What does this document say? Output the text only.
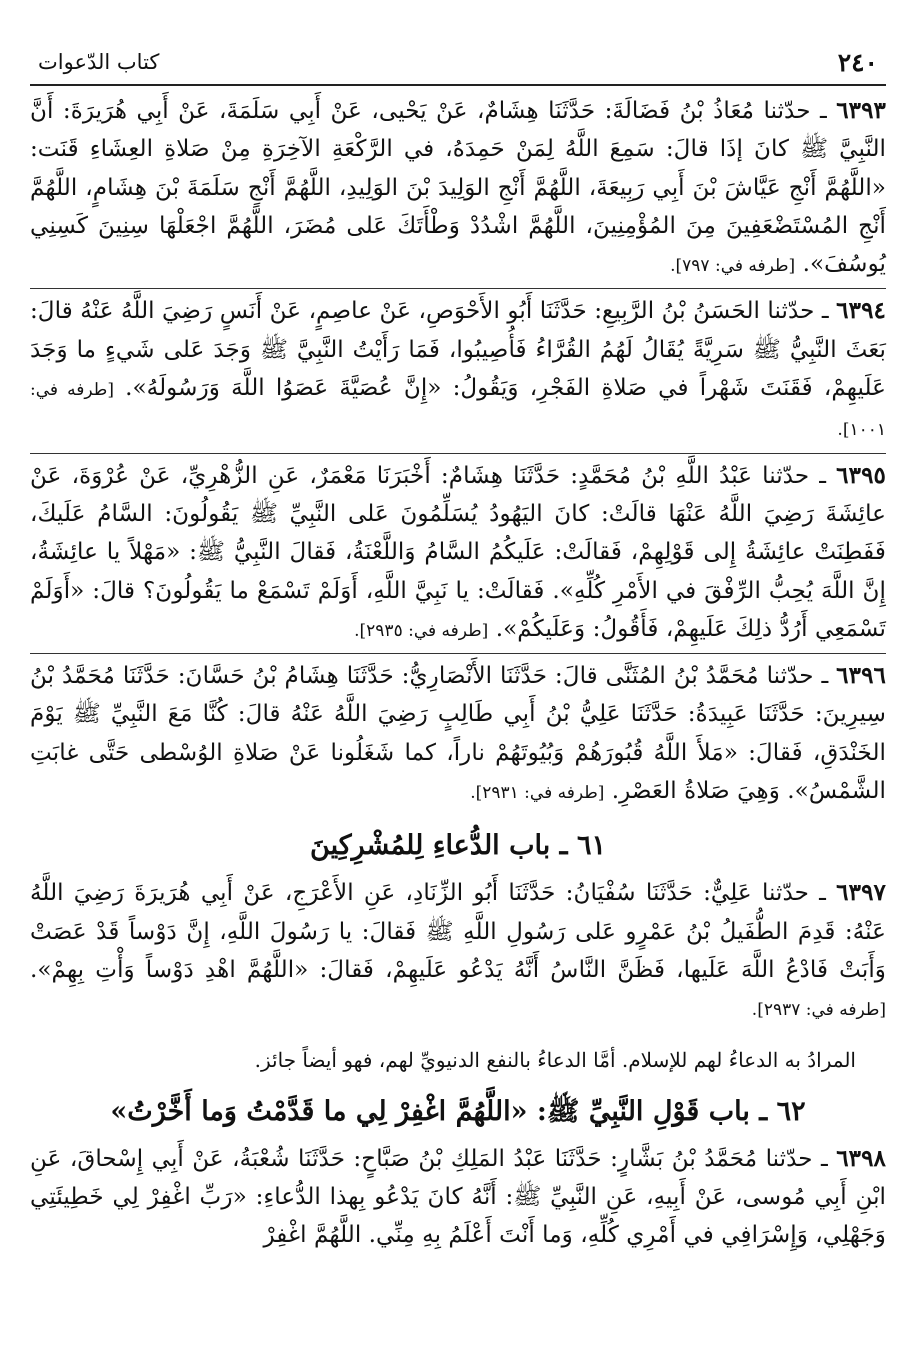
٢٤٠
كتاب الدّعوات

٦٣٩٣ ـ حدّثنا مُعَاذُ بْنُ فَضَالَةَ: حَدَّثَنَا هِشَامٌ، عَنْ يَحْيى، عَنْ أَبِي سَلَمَةَ، عَنْ أَبِي هُرَيرَةَ: أَنَّ النَّبِيَّ ﷺ كانَ إذَا قالَ: سَمِعَ اللَّهُ لِمَنْ حَمِدَهُ، في الرَّكْعَةِ الآخِرَةِ مِنْ صَلاةِ العِشَاءِ قَنَت: «اللَّهُمَّ أَنْجِ عَيَّاشَ بْنَ أَبِي رَبِيعَةَ، اللَّهُمَّ أَنْجِ الوَلِيدَ بْنَ الوَلِيدِ، اللَّهُمَّ أَنْجِ سَلَمَةَ بْنَ هِشَامٍ، اللَّهُمَّ أَنْجِ المُسْتَضْعَفِينَ مِنَ المُؤْمِنِينَ، اللَّهُمَّ اشْدُدْ وَطْأَتَكَ عَلى مُضَرَ، اللَّهُمَّ اجْعَلْهَا سِنِينَ كَسِنِي يُوسُفَ». [طرفه في: ٧٩٧].

٦٣٩٤ ـ حدّثنا الحَسَنُ بْنُ الرَّبِيعِ: حَدَّثَنَا أَبُو الأَحْوَصِ، عَنْ عاصِمٍ، عَنْ أَنَسٍ رَضِيَ اللَّهُ عَنْهُ قالَ: بَعَثَ النَّبِيُّ ﷺ سَرِيَّةً يُقَالُ لَهُمُ القُرَّاءُ فَأُصِيبُوا، فَمَا رَأَيْتُ النَّبِيَّ ﷺ وَجَدَ عَلى شَيءٍ ما وَجَدَ عَلَيهِمْ، فَقَنَتَ شَهْراً في صَلاةِ الفَجْرِ، وَيَقُولُ: «إِنَّ عُصَيَّةَ عَصَوُا اللَّهَ وَرَسُولَهُ». [طرفه في: ١٠٠١].

٦٣٩٥ ـ حدّثنا عَبْدُ اللَّهِ بْنُ مُحَمَّدٍ: حَدَّثَنَا هِشَامٌ: أَخْبَرَنَا مَعْمَرٌ، عَنِ الزُّهْرِيِّ، عَنْ عُرْوَةَ، عَنْ عائِشَةَ رَضِيَ اللَّهُ عَنْهَا قالَتْ: كانَ اليَهُودُ يُسَلِّمُونَ عَلى النَّبِيِّ ﷺ يَقُولُونَ: السَّامُ عَلَيكَ، فَفَطِنَتْ عائِشَةُ إِلى قَوْلِهِمْ، فَقالَتْ: عَلَيكُمُ السَّامُ وَاللَّعْنَةُ، فَقالَ النَّبِيُّ ﷺ: «مَهْلاً يا عائِشَةُ، إِنَّ اللَّهَ يُحِبُّ الرِّفْقَ في الأَمْرِ كُلِّهِ». فَقالَتْ: يا نَبِيَّ اللَّهِ، أَوَلَمْ تَسْمَعْ ما يَقُولُونَ؟ قالَ: «أَوَلَمْ تَسْمَعِي أَرُدُّ ذلِكَ عَلَيهِمْ، فَأَقُولُ: وَعَلَيكُمْ». [طرفه في: ٢٩٣٥].

٦٣٩٦ ـ حدّثنا مُحَمَّدُ بْنُ المُثَنَّى قالَ: حَدَّثَنَا الأَنْصَارِيُّ: حَدَّثَنَا هِشَامُ بْنُ حَسَّانَ: حَدَّثَنَا مُحَمَّدُ بْنُ سِيرِينَ: حَدَّثَنَا عَبِيدَةُ: حَدَّثَنَا عَلِيُّ بْنُ أَبِي طَالِبٍ رَضِيَ اللَّهُ عَنْهُ قالَ: كُنَّا مَعَ النَّبِيِّ ﷺ يَوْمَ الخَنْدَقِ، فَقالَ: «مَلأَ اللَّهُ قُبُورَهُمْ وَبُيُوتَهُمْ ناراً، كما شَغَلُونا عَنْ صَلاةِ الوُسْطى حَتَّى غابَتِ الشَّمْسُ». وَهِيَ صَلاةُ العَصْرِ. [طرفه في: ٢٩٣١].

٦١ ـ باب الدُّعاءِ لِلمُشْرِكِينَ

٦٣٩٧ ـ حدّثنا عَلِيٌّ: حَدَّثَنَا سُفْيَانُ: حَدَّثَنَا أَبُو الزِّنَادِ، عَنِ الأَعْرَجِ، عَنْ أَبِي هُرَيرَةَ رَضِيَ اللَّهُ عَنْهُ: قَدِمَ الطُّفَيلُ بْنُ عَمْرٍو عَلى رَسُولِ اللَّهِ ﷺ فَقالَ: يا رَسُولَ اللَّهِ، إِنَّ دَوْساً قَدْ عَصَتْ وَأَبَتْ فَادْعُ اللَّهَ عَلَيها، فَظَنَّ النَّاسُ أَنَّهُ يَدْعُو عَلَيهِمْ، فَقالَ: «اللَّهُمَّ اهْدِ دَوْساً وَأْتِ بِهِمْ». [طرفه في: ٢٩٣٧].

المرادُ به الدعاءُ لهم للإسلام. أمَّا الدعاءُ بالنفع الدنيويِّ لهم، فهو أيضاً جائز.
٦٢ ـ باب قَوْلِ النَّبِيِّ ﷺ: «اللَّهُمَّ اغْفِرْ لِي ما قَدَّمْتُ وَما أَخَّرْتُ»

٦٣٩٨ ـ حدّثنا مُحَمَّدُ بْنُ بَشَّارٍ: حَدَّثَنَا عَبْدُ المَلِكِ بْنُ صَبَّاحٍ: حَدَّثَنَا شُعْبَةُ، عَنْ أَبِي إِسْحاقَ، عَنِ ابْنِ أَبِي مُوسى، عَنْ أَبِيهِ، عَنِ النَّبِيِّ ﷺ: أَنَّهُ كانَ يَدْعُو بِهذا الدُّعاءِ: «رَبِّ اغْفِرْ لِي خَطِيئَتِي وَجَهْلِي، وَإِسْرَافِي في أَمْرِي كُلِّهِ، وَما أَنْتَ أَعْلَمُ بِهِ مِنِّي. اللَّهُمَّ اغْفِرْ
